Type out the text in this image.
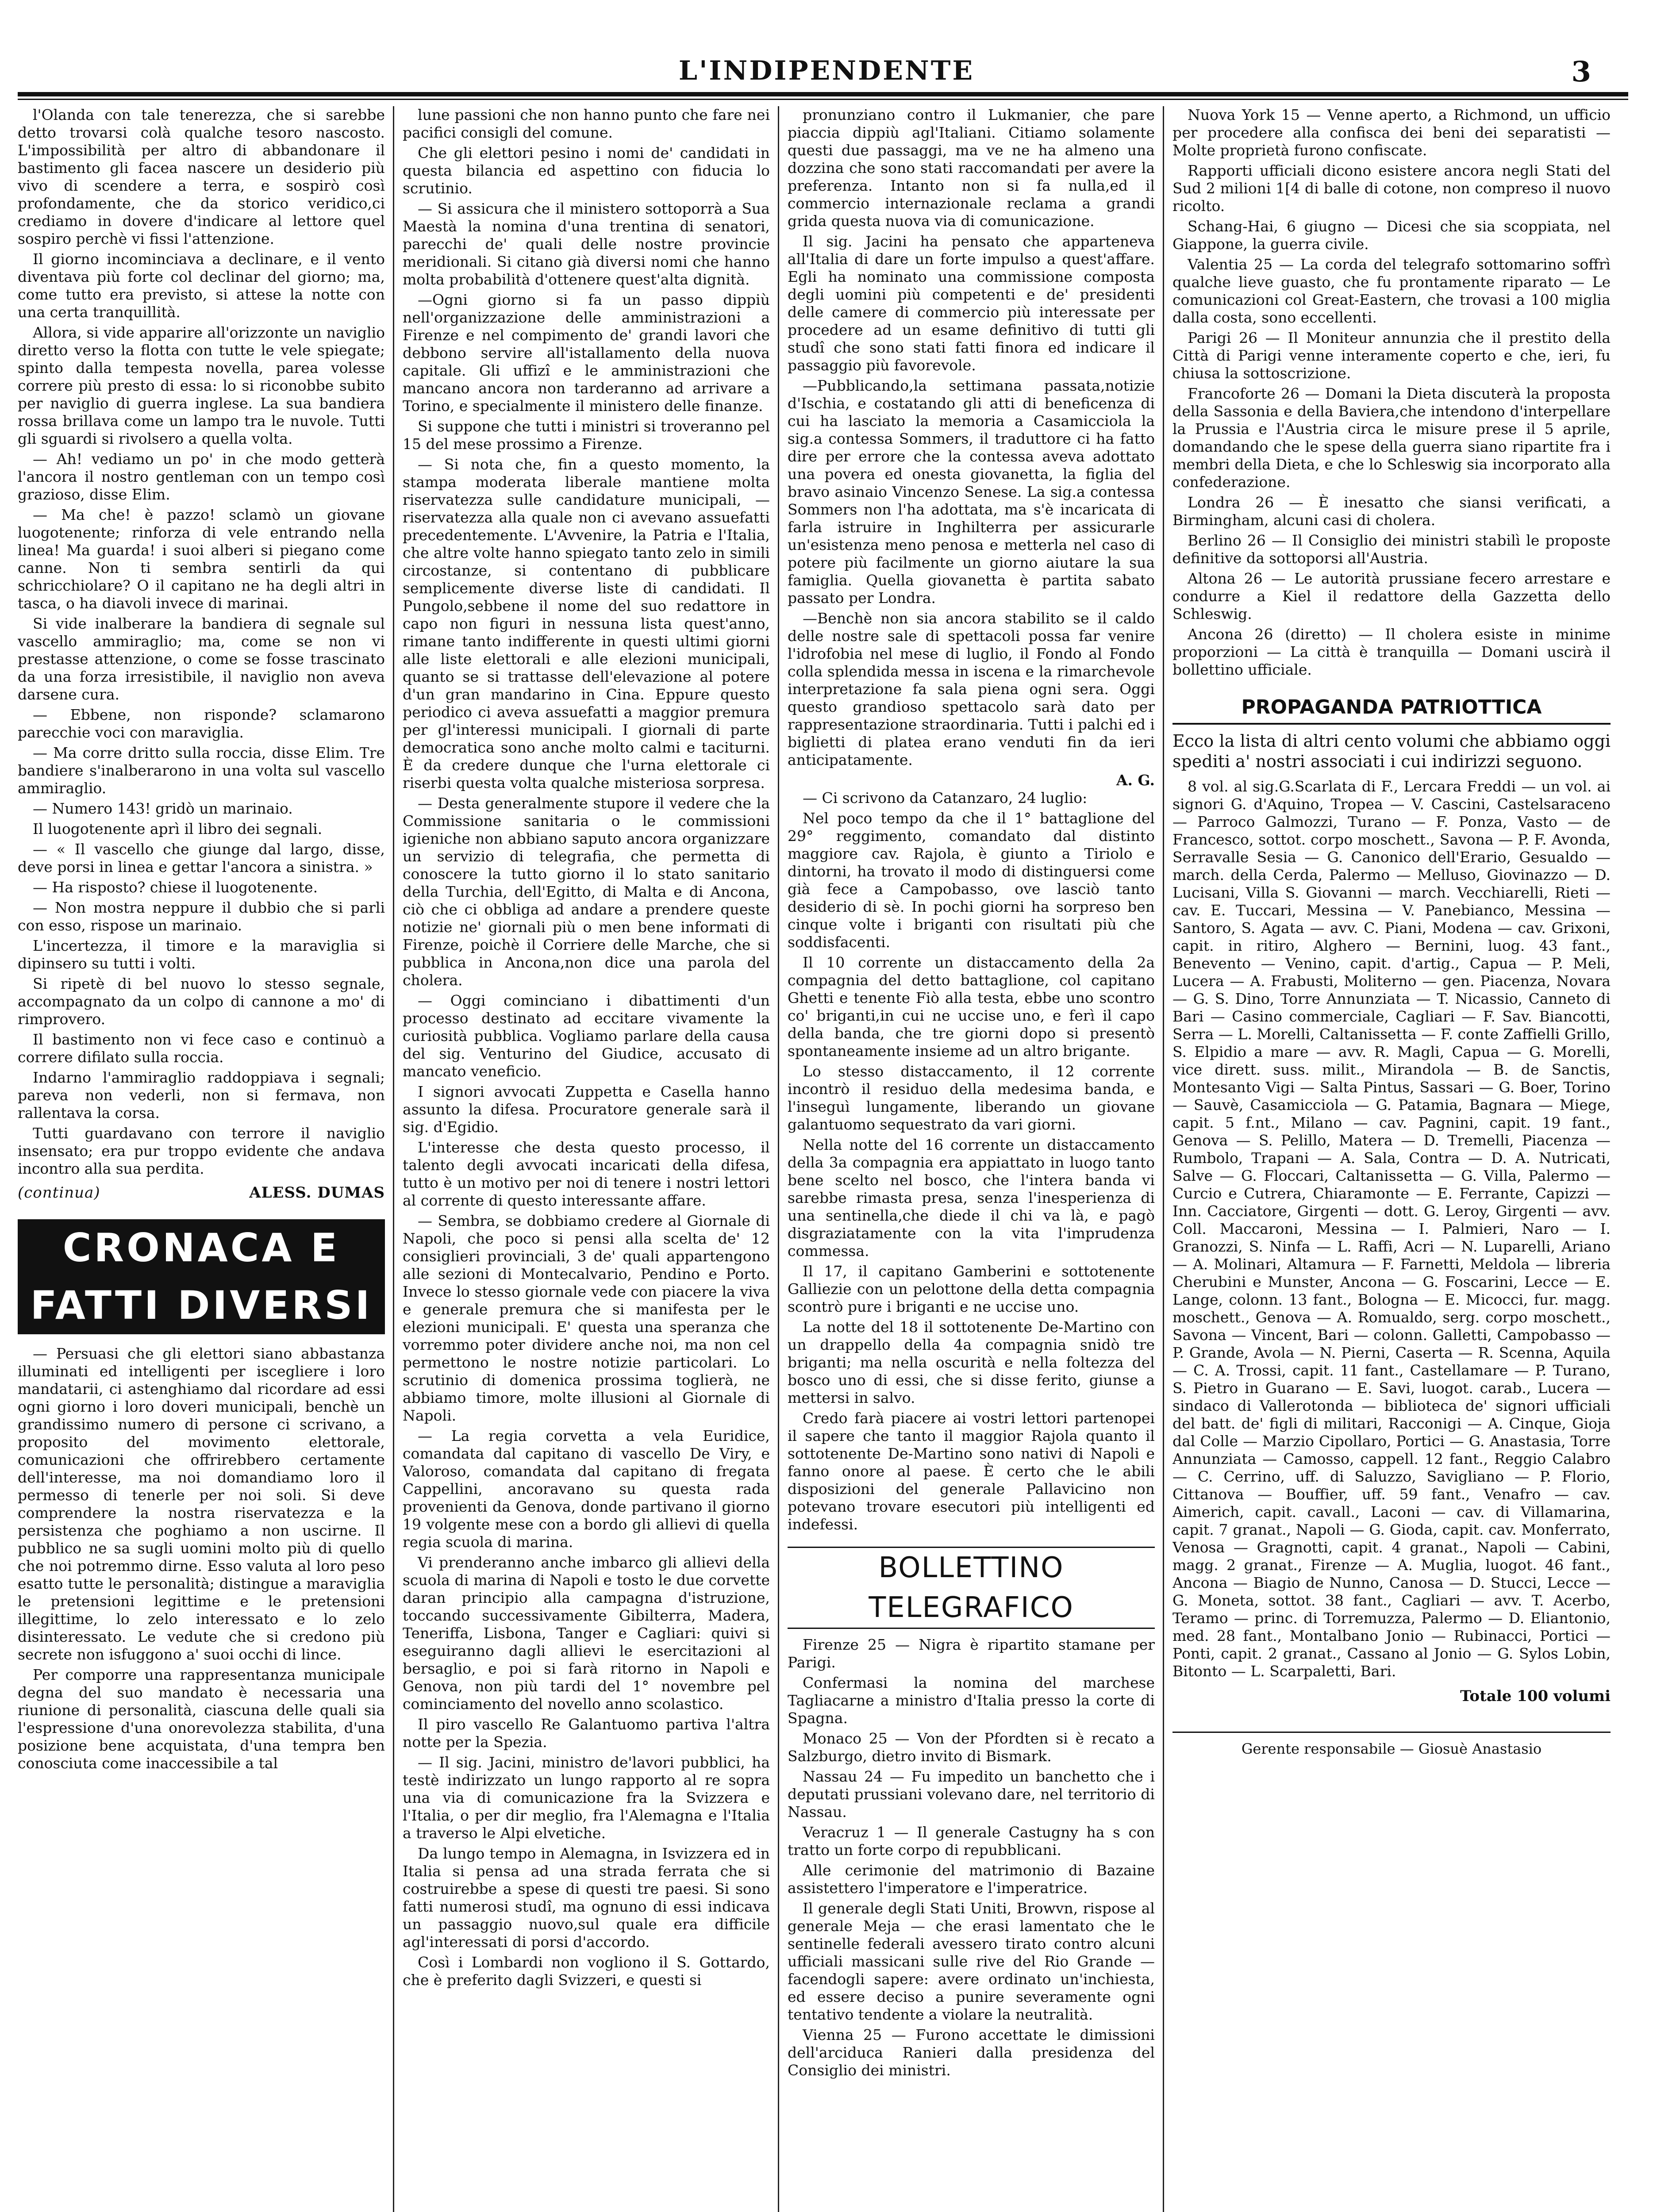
L'INDIPENDENTE	3

l'Olanda con tale tenerezza, che si sarebbe detto trovarsi colà qualche tesoro nascosto. L'impossibilità per altro di abbandonare il bastimento gli facea nascere un desiderio più vivo di scendere a terra, e sospirò così profondamente, che da storico veridico,ci crediamo in dovere d'indicare al lettore quel sospiro perchè vi fissi l'attenzione.

Il giorno incominciava a declinare, e il vento diventava più forte col declinar del giorno; ma, come tutto era previsto, si attese la notte con una certa tranquillità.

Allora, si vide apparire all'orizzonte un naviglio diretto verso la flotta con tutte le vele spiegate; spinto dalla tempesta novella, parea volesse correre più presto di essa: lo si riconobbe subito per naviglio di guerra inglese. La sua bandiera rossa brillava come un lampo tra le nuvole. Tutti gli sguardi si rivolsero a quella volta.

— Ah! vediamo un po' in che modo getterà l'ancora il nostro gentleman con un tempo così grazioso, disse Elim.

— Ma che! è pazzo! sclamò un giovane luogotenente; rinforza di vele entrando nella linea! Ma guarda! i suoi alberi si piegano come canne. Non ti sembra sentirli da qui schricchiolare? O il capitano ne ha degli altri in tasca, o ha diavoli invece di marinai.

Si vide inalberare la bandiera di segnale sul vascello ammiraglio; ma, come se non vi prestasse attenzione, o come se fosse trascinato da una forza irresistibile, il naviglio non aveva darsene cura.

— Ebbene, non risponde? sclamarono parecchie voci con maraviglia.

— Ma corre dritto sulla roccia, disse Elim. Tre bandiere s'inalberarono in una volta sul vascello ammiraglio.

— Numero 143! gridò un marinaio.

Il luogotenente aprì il libro dei segnali.

— « Il vascello che giunge dal largo, disse, deve porsi in linea e gettar l'ancora a sinistra. »

— Ha risposto? chiese il luogotenente.

— Non mostra neppure il dubbio che si parli con esso, rispose un marinaio.

L'incertezza, il timore e la maraviglia si dipinsero su tutti i volti.

Si ripetè di bel nuovo lo stesso segnale, accompagnato da un colpo di cannone a mo' di rimprovero.

Il bastimento non vi fece caso e continuò a correre difilato sulla roccia.

Indarno l'ammiraglio raddoppiava i segnali; pareva non vederli, non si fermava, non rallentava la corsa.

Tutti guardavano con terrore il naviglio insensato; era pur troppo evidente che andava incontro alla sua perdita.

(continua)	ALESS. DUMAS
CRONACA E FATTI DIVERSI

— Persuasi che gli elettori siano abbastanza illuminati ed intelligenti per iscegliere i loro mandatarii, ci astenghiamo dal ricordare ad essi ogni giorno i loro doveri municipali, benchè un grandissimo numero di persone ci scrivano, a proposito del movimento elettorale, comunicazioni che offrirebbero certamente dell'interesse, ma noi domandiamo loro il permesso di tenerle per noi soli. Si deve comprendere la nostra riservatezza e la persistenza che poghiamo a non uscirne. Il pubblico ne sa sugli uomini molto più di quello che noi potremmo dirne. Esso valuta al loro peso esatto tutte le personalità; distingue a maraviglia le pretensioni legittime e le pretensioni illegittime, lo zelo interessato e lo zelo disinteressato. Le vedute che si credono più secrete non isfuggono a' suoi occhi di lince.

Per comporre una rappresentanza municipale degna del suo mandato è necessaria una riunione di personalità, ciascuna delle quali sia l'espressione d'una onorevolezza stabilita, d'una posizione bene acquistata, d'una tempra ben conosciuta come inaccessibile a tal

lune passioni che non hanno punto che fare nei pacifici consigli del comune.

Che gli elettori pesino i nomi de' candidati in questa bilancia ed aspettino con fiducia lo scrutinio.

— Si assicura che il ministero sottoporrà a Sua Maestà la nomina d'una trentina di senatori, parecchi de' quali delle nostre provincie meridionali. Si citano già diversi nomi che hanno molta probabilità d'ottenere quest'alta dignità.

—Ogni giorno si fa un passo dippiù nell'organizzazione delle amministrazioni a Firenze e nel compimento de' grandi lavori che debbono servire all'istallamento della nuova capitale. Gli uffizî e le amministrazioni che mancano ancora non tarderanno ad arrivare a Torino, e specialmente il ministero delle finanze.

Si suppone che tutti i ministri si troveranno pel 15 del mese prossimo a Firenze.

— Si nota che, fin a questo momento, la stampa moderata liberale mantiene molta riservatezza sulle candidature municipali, — riservatezza alla quale non ci avevano assuefatti precedentemente. L'Avvenire, la Patria e l'Italia, che altre volte hanno spiegato tanto zelo in simili circostanze, si contentano di pubblicare semplicemente diverse liste di candidati. Il Pungolo,sebbene il nome del suo redattore in capo non figuri in nessuna lista quest'anno, rimane tanto indifferente in questi ultimi giorni alle liste elettorali e alle elezioni municipali, quanto se si trattasse dell'elevazione al potere d'un gran mandarino in Cina. Eppure questo periodico ci aveva assuefatti a maggior premura per gl'interessi municipali. I giornali di parte democratica sono anche molto calmi e taciturni. È da credere dunque che l'urna elettorale ci riserbi questa volta qualche misteriosa sorpresa.

— Desta generalmente stupore il vedere che la Commissione sanitaria o le commissioni igieniche non abbiano saputo ancora organizzare un servizio di telegrafia, che permetta di conoscere la tutto giorno il lo stato sanitario della Turchia, dell'Egitto, di Malta e di Ancona, ciò che ci obbliga ad andare a prendere queste notizie ne' giornali più o men bene informati di Firenze, poichè il Corriere delle Marche, che si pubblica in Ancona,non dice una parola del cholera.

— Oggi cominciano i dibattimenti d'un processo destinato ad eccitare vivamente la curiosità pubblica. Vogliamo parlare della causa del sig. Venturino del Giudice, accusato di mancato veneficio.

I signori avvocati Zuppetta e Casella hanno assunto la difesa. Procuratore generale sarà il sig. d'Egidio.

L'interesse che desta questo processo, il talento degli avvocati incaricati della difesa, tutto è un motivo per noi di tenere i nostri lettori al corrente di questo interessante affare.

— Sembra, se dobbiamo credere al Giornale di Napoli, che poco si pensi alla scelta de' 12 consiglieri provinciali, 3 de' quali appartengono alle sezioni di Montecalvario, Pendino e Porto. Invece lo stesso giornale vede con piacere la viva e generale premura che si manifesta per le elezioni municipali. E' questa una speranza che vorremmo poter dividere anche noi, ma non cel permettono le nostre notizie particolari. Lo scrutinio di domenica prossima toglierà, ne abbiamo timore, molte illusioni al Giornale di Napoli.

— La regia corvetta a vela Euridice, comandata dal capitano di vascello De Viry, e Valoroso, comandata dal capitano di fregata Cappellini, ancoravano su questa rada provenienti da Genova, donde partivano il giorno 19 volgente mese con a bordo gli allievi di quella regia scuola di marina.

Vi prenderanno anche imbarco gli allievi della scuola di marina di Napoli e tosto le due corvette daran principio alla campagna d'istruzione, toccando successivamente Gibilterra, Madera, Teneriffa, Lisbona, Tanger e Cagliari: quivi si eseguiranno dagli allievi le esercitazioni al bersaglio, e poi si farà ritorno in Napoli e Genova, non più tardi del 1° novembre pel cominciamento del novello anno scolastico.

Il piro vascello Re Galantuomo partiva l'altra notte per la Spezia.

— Il sig. Jacini, ministro de'lavori pubblici, ha testè indirizzato un lungo rapporto al re sopra una via di comunicazione fra la Svizzera e l'Italia, o per dir meglio, fra l'Alemagna e l'Italia a traverso le Alpi elvetiche.

Da lungo tempo in Alemagna, in Isvizzera ed in Italia si pensa ad una strada ferrata che si costruirebbe a spese di questi tre paesi. Si sono fatti numerosi studî, ma ognuno di essi indicava un passaggio nuovo,sul quale era difficile agl'interessati di porsi d'accordo.

Così i Lombardi non vogliono il S. Gottardo, che è preferito dagli Svizzeri, e questi si

pronunziano contro il Lukmanier, che pare piaccia dippiù agl'Italiani. Citiamo solamente questi due passaggi, ma ve ne ha almeno una dozzina che sono stati raccomandati per avere la preferenza. Intanto non si fa nulla,ed il commercio internazionale reclama a grandi grida questa nuova via di comunicazione.

Il sig. Jacini ha pensato che apparteneva all'Italia di dare un forte impulso a quest'affare. Egli ha nominato una commissione composta degli uomini più competenti e de' presidenti delle camere di commercio più interessate per procedere ad un esame definitivo di tutti gli studî che sono stati fatti finora ed indicare il passaggio più favorevole.

—Pubblicando,la settimana passata,notizie d'Ischia, e costatando gli atti di beneficenza di cui ha lasciato la memoria a Casamicciola la sig.a contessa Sommers, il traduttore ci ha fatto dire per errore che la contessa aveva adottato una povera ed onesta giovanetta, la figlia del bravo asinaio Vincenzo Senese. La sig.a contessa Sommers non l'ha adottata, ma s'è incaricata di farla istruire in Inghilterra per assicurarle un'esistenza meno penosa e metterla nel caso di potere più facilmente un giorno aiutare la sua famiglia. Quella giovanetta è partita sabato passato per Londra.

—Benchè non sia ancora stabilito se il caldo delle nostre sale di spettacoli possa far venire l'idrofobia nel mese di luglio, il Fondo al Fondo colla splendida messa in iscena e la rimarchevole interpretazione fa sala piena ogni sera. Oggi questo grandioso spettacolo sarà dato per rappresentazione straordinaria. Tutti i palchi ed i biglietti di platea erano venduti fin da ieri anticipatamente.

A. G.

— Ci scrivono da Catanzaro, 24 luglio:

Nel poco tempo da che il 1° battaglione del 29° reggimento, comandato dal distinto maggiore cav. Rajola, è giunto a Tiriolo e dintorni, ha trovato il modo di distinguersi come già fece a Campobasso, ove lasciò tanto desiderio di sè. In pochi giorni ha sorpreso ben cinque volte i briganti con risultati più che soddisfacenti.

Il 10 corrente un distaccamento della 2a compagnia del detto battaglione, col capitano Ghetti e tenente Fiò alla testa, ebbe uno scontro co' briganti,in cui ne uccise uno, e ferì il capo della banda, che tre giorni dopo si presentò spontaneamente insieme ad un altro brigante.

Lo stesso distaccamento, il 12 corrente incontrò il residuo della medesima banda, e l'inseguì lungamente, liberando un giovane galantuomo sequestrato da vari giorni.

Nella notte del 16 corrente un distaccamento della 3a compagnia era appiattato in luogo tanto bene scelto nel bosco, che l'intera banda vi sarebbe rimasta presa, senza l'inesperienza di una sentinella,che diede il chi va là, e pagò disgraziatamente con la vita l'imprudenza commessa.

Il 17, il capitano Gamberini e sottotenente Galliezie con un pelottone della detta compagnia scontrò pure i briganti e ne uccise uno.

La notte del 18 il sottotenente De-Martino con un drappello della 4a compagnia snidò tre briganti; ma nella oscurità e nella foltezza del bosco uno di essi, che si disse ferito, giunse a mettersi in salvo.

Credo farà piacere ai vostri lettori partenopei il sapere che tanto il maggior Rajola quanto il sottotenente De-Martino sono nativi di Napoli e fanno onore al paese. È certo che le abili disposizioni del generale Pallavicino non potevano trovare esecutori più intelligenti ed indefessi.

BOLLETTINO TELEGRAFICO

Firenze 25 — Nigra è ripartito stamane per Parigi.

Confermasi la nomina del marchese Tagliacarne a ministro d'Italia presso la corte di Spagna.

Monaco 25 — Von der Pfordten si è recato a Salzburgo, dietro invito di Bismark.

Nassau 24 — Fu impedito un banchetto che i deputati prussiani volevano dare, nel territorio di Nassau.

Veracruz 1 — Il generale Castugny ha s con tratto un forte corpo di repubblicani.

Alle cerimonie del matrimonio di Bazaine assistettero l'imperatore e l'imperatrice.

Il generale degli Stati Uniti, Browvn, rispose al generale Meja — che erasi lamentato che le sentinelle federali avessero tirato contro alcuni ufficiali massicani sulle rive del Rio Grande — facendogli sapere: avere ordinato un'inchiesta, ed essere deciso a punire severamente ogni tentativo tendente a violare la neutralità.

Vienna 25 — Furono accettate le dimissioni dell'arciduca Ranieri dalla presidenza del Consiglio dei ministri.

Nuova York 15 — Venne aperto, a Richmond, un ufficio per procedere alla confisca dei beni dei separatisti — Molte proprietà furono confiscate.

Rapporti ufficiali dicono esistere ancora negli Stati del Sud 2 milioni 1[4 di balle di cotone, non compreso il nuovo ricolto.

Schang-Hai, 6 giugno — Dicesi che sia scoppiata, nel Giappone, la guerra civile.

Valentia 25 — La corda del telegrafo sottomarino soffrì qualche lieve guasto, che fu prontamente riparato — Le comunicazioni col Great-Eastern, che trovasi a 100 miglia dalla costa, sono eccellenti.

Parigi 26 — Il Moniteur annunzia che il prestito della Città di Parigi venne interamente coperto e che, ieri, fu chiusa la sottoscrizione.

Francoforte 26 — Domani la Dieta discuterà la proposta della Sassonia e della Baviera,che intendono d'interpellare la Prussia e l'Austria circa le misure prese il 5 aprile, domandando che le spese della guerra siano ripartite fra i membri della Dieta, e che lo Schleswig sia incorporato alla confederazione.

Londra 26 — È inesatto che siansi verificati, a Birmingham, alcuni casi di cholera.

Berlino 26 — Il Consiglio dei ministri stabilì le proposte definitive da sottoporsi all'Austria.

Altona 26 — Le autorità prussiane fecero arrestare e condurre a Kiel il redattore della Gazzetta dello Schleswig.

Ancona 26 (diretto) — Il cholera esiste in minime proporzioni — La città è tranquilla — Domani uscirà il bollettino ufficiale.

PROPAGANDA PATRIOTTICA
Ecco la lista di altri cento volumi che abbiamo oggi spediti a' nostri associati i cui indirizzi seguono.

8 vol. al sig.G.Scarlata di F., Lercara Freddi — un vol. ai signori G. d'Aquino, Tropea — V. Cascini, Castelsaraceno — Parroco Galmozzi, Turano — F. Ponza, Vasto — de Francesco, sottot. corpo moschett., Savona — P. F. Avonda, Serravalle Sesia — G. Canonico dell'Erario, Gesualdo — march. della Cerda, Palermo — Melluso, Giovinazzo — D. Lucisani, Villa S. Giovanni — march. Vecchiarelli, Rieti — cav. E. Tuccari, Messina — V. Panebianco, Messina — Santoro, S. Agata — avv. C. Piani, Modena — cav. Grixoni, capit. in ritiro, Alghero — Bernini, luog. 43 fant., Benevento — Venino, capit. d'artig., Capua — P. Meli, Lucera — A. Frabusti, Moliterno — gen. Piacenza, Novara — G. S. Dino, Torre Annunziata — T. Nicassio, Canneto di Bari — Casino commerciale, Cagliari — F. Sav. Biancotti, Serra — L. Morelli, Caltanissetta — F. conte Zaffielli Grillo, S. Elpidio a mare — avv. R. Magli, Capua — G. Morelli, vice dirett. suss. milit., Mirandola — B. de Sanctis, Montesanto Vigi — Salta Pintus, Sassari — G. Boer, Torino — Sauvè, Casamicciola — G. Patamia, Bagnara — Miege, capit. 5 f.nt., Milano — cav. Pagnini, capit. 19 fant., Genova — S. Pelillo, Matera — D. Tremelli, Piacenza — Rumbolo, Trapani — A. Sala, Contra — D. A. Nutricati, Salve — G. Floccari, Caltanissetta — G. Villa, Palermo — Curcio e Cutrera, Chiaramonte — E. Ferrante, Capizzi — Inn. Cacciatore, Girgenti — dott. G. Leroy, Girgenti — avv. Coll. Maccaroni, Messina — I. Palmieri, Naro — I. Granozzi, S. Ninfa — L. Raffi, Acri — N. Luparelli, Ariano — A. Molinari, Altamura — F. Farnetti, Meldola — libreria Cherubini e Munster, Ancona — G. Foscarini, Lecce — E. Lange, colonn. 13 fant., Bologna — E. Micocci, fur. magg. moschett., Genova — A. Romualdo, serg. corpo moschett., Savona — Vincent, Bari — colonn. Galletti, Campobasso — P. Grande, Avola — N. Pierni, Caserta — R. Scenna, Aquila — C. A. Trossi, capit. 11 fant., Castellamare — P. Turano, S. Pietro in Guarano — E. Savi, luogot. carab., Lucera — sindaco di Vallerotonda — biblioteca de' signori ufficiali del batt. de' figli di militari, Racconigi — A. Cinque, Gioja dal Colle — Marzio Cipollaro, Portici — G. Anastasia, Torre Annunziata — Camosso, cappell. 12 fant., Reggio Calabro — C. Cerrino, uff. di Saluzzo, Savigliano — P. Florio, Cittanova — Bouffier, uff. 59 fant., Venafro — cav. Aimerich, capit. cavall., Laconi — cav. di Villamarina, capit. 7 granat., Napoli — G. Gioda, capit. cav. Monferrato, Venosa — Gragnotti, capit. 4 granat., Napoli — Cabini, magg. 2 granat., Firenze — A. Muglia, luogot. 46 fant., Ancona — Biagio de Nunno, Canosa — D. Stucci, Lecce — G. Moneta, sottot. 38 fant., Cagliari — avv. T. Acerbo, Teramo — princ. di Torremuzza, Palermo — D. Eliantonio, med. 28 fant., Montalbano Jonio — Rubinacci, Portici — Ponti, capit. 2 granat., Cassano al Jonio — G. Sylos Lobin, Bitonto — L. Scarpaletti, Bari.

Totale 100 volumi
Gerente responsabile — Giosuè Anastasio
